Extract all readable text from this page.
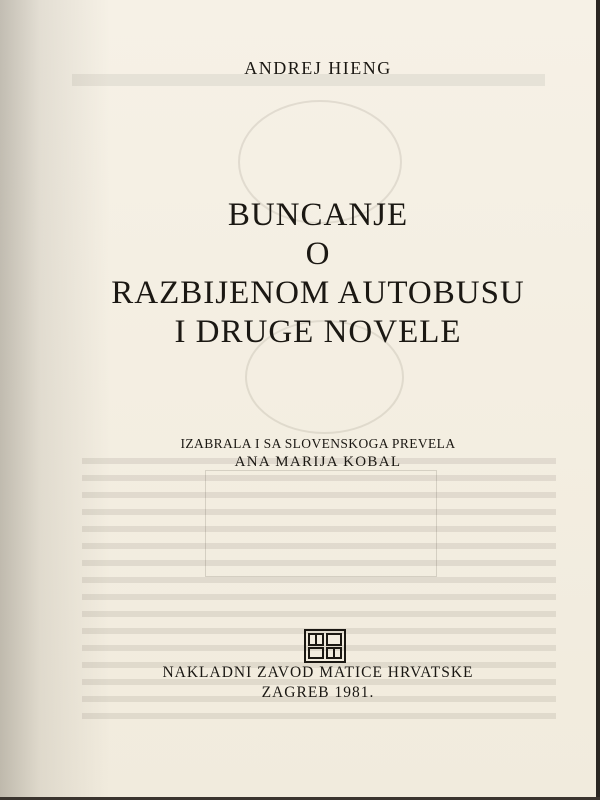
ANDREJ HIENG
BUNCANJE
O
RAZBIJENOM AUTOBUSU
I DRUGE NOVELE
IZABRALA I SA SLOVENSKOGA PREVELA
ANA MARIJA KOBAL
NAKLADNI ZAVOD MATICE HRVATSKE
ZAGREB 1981.
